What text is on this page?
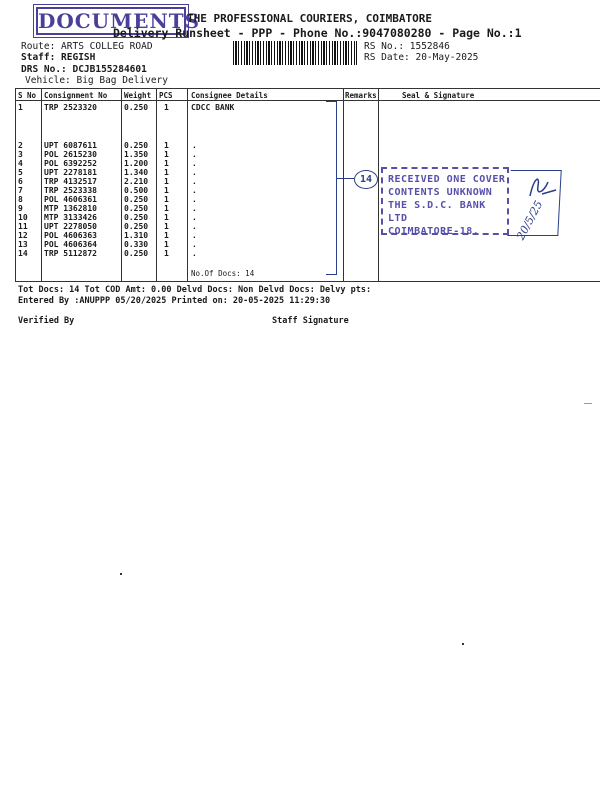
DOCUMENTS
THE PROFESSIONAL COURIERS, COIMBATORE
Delivery Runsheet - PPP - Phone No.:9047080280 - Page No.:1
Route: ARTS COLLEG ROAD
Staff: REGISH
RS No.: 1552846
RS Date: 20-May-2025
DRS No.: DCJB155284601
Vehicle: Big Bag Delivery
S No Consignment No Weight PCS Consignee Details	Remarks	Seal & Signature
1	TRP 2523320	0.250 1	CDCC BANK
2	UPT 6087611	0.250 1	.
3	POL 2615230	1.350 1	.
4	POL 6392252	1.200 1	.
5	UPT 2278181	1.340 1	.
6	TRP 4132517	2.210 1	.
7	TRP 2523338	0.500 1	.
8	POL 4606361	0.250 1	.
9	MTP 1362810	0.250 1	.
10 MTP 3133426	0.250 1	.
11 UPT 2278050	0.250 1	.
12 POL 4606363	1.310 1	.
13 POL 4606364	0.330 1	.
14 TRP 5112872	0.250 1	.
No.Of Docs: 14
14	RECEIVED ONE COVER
CONTENTS UNKNOWN
THE S.D.C. BANK LTD
COIMBATORE-18.	20/5/25
Tot Docs: 14 Tot COD Amt: 0.00 Delvd Docs: Non Delvd Docs: Delvy pts:
Entered By :ANUPPP 05/20/2025 Printed on: 20-05-2025 11:29:30
Verified By	Staff Signature
